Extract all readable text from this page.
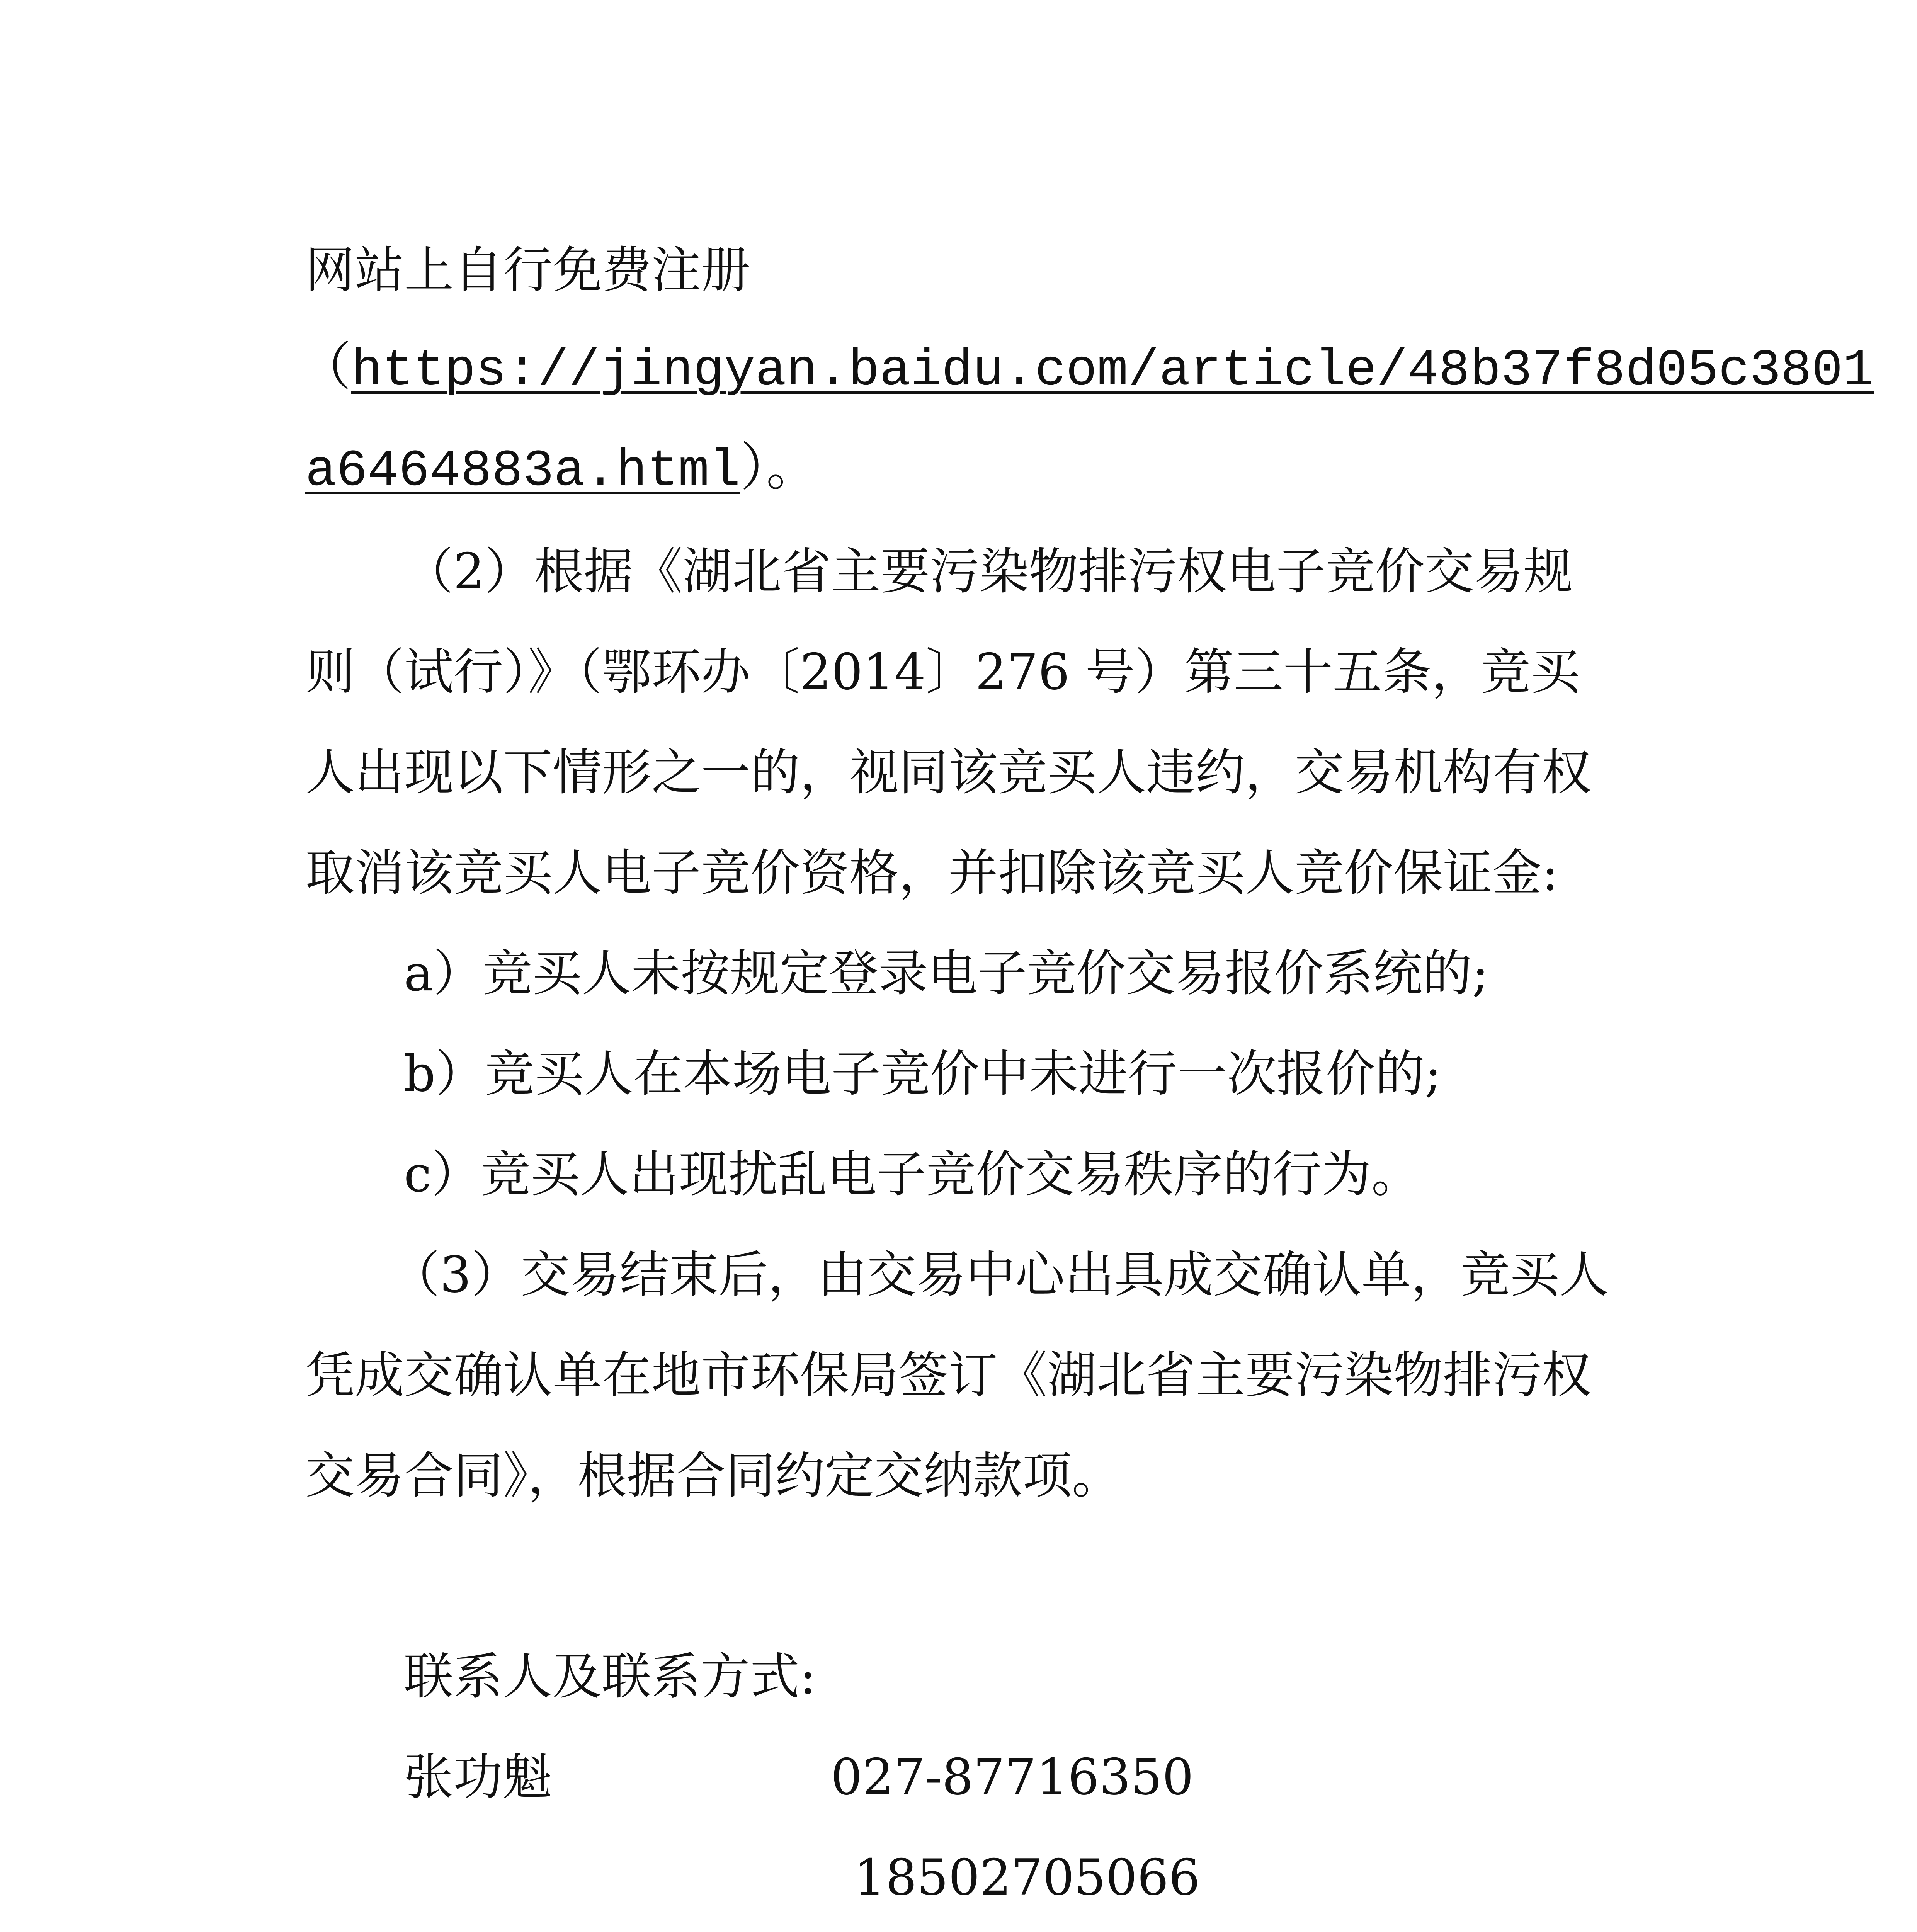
网站上自行免费注册
（https://jingyan.baidu.com/article/48b37f8d05c3801
a6464883a.html）。
（2）根据《湖北省主要污染物排污权电子竞价交易规
则（试行）》（鄂环办〔2014〕276 号）第三十五条，竞买
人出现以下情形之一的，视同该竞买人违约，交易机构有权
取消该竞买人电子竞价资格，并扣除该竞买人竞价保证金:
a）竞买人未按规定登录电子竞价交易报价系统的;
b）竞买人在本场电子竞价中未进行一次报价的;
c）竞买人出现扰乱电子竞价交易秩序的行为。
（3）交易结束后，由交易中心出具成交确认单，竞买人
凭成交确认单在地市环保局签订《湖北省主要污染物排污权
交易合同》，根据合同约定交纳款项。
联系人及联系方式:
张功魁	027-87716350
18502705066
